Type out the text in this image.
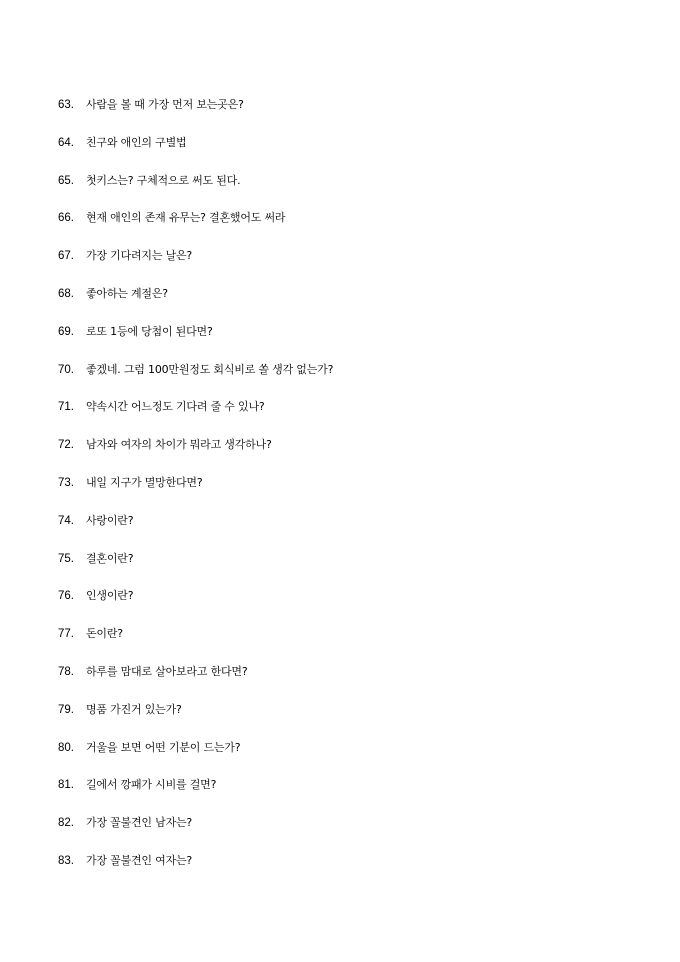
63.	사람을 볼 때 가장 먼저 보는곳은?
64.	친구와 애인의 구별법
65.	첫키스는? 구체적으로 써도 된다.
66.	현재 애인의 존재 유무는? 결혼했어도 써라
67.	가장 기다려지는 날은?
68.	좋아하는 계절은?
69.	로또 1등에 당첨이 된다면?
70.	좋겠네. 그럼 100만원정도 회식비로 쏠 생각 없는가?
71.	약속시간 어느정도 기다려 줄 수 있나?
72.	남자와 여자의 차이가 뭐라고 생각하나?
73.	내일 지구가 멸망한다면?
74.	사랑이란?
75.	결혼이란?
76.	인생이란?
77.	돈이란?
78.	하루를 맘대로 살아보라고 한다면?
79.	명품 가진거 있는가?
80.	거울을 보면 어떤 기분이 드는가?
81.	길에서 깡패가 시비를 걸면?
82.	가장 꼴불견인 남자는?
83.	가장 꼴불견인 여자는?
